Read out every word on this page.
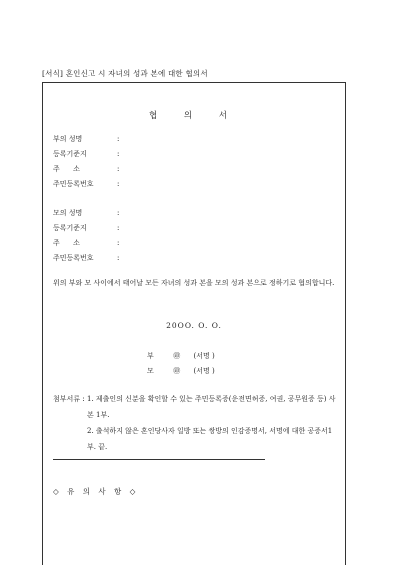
[서식] 혼인신고 시 자녀의 성과 본에 대한 협의서
협 의 서
부의 성명	:
등록기준지	:
주      소	:
주민등록번호	:
모의 성명	:
등록기준지	:
주      소	:
주민등록번호	:
위의 부와 모 사이에서 태어날 모든 자녀의 성과 본을 모의 성과 본으로 정하기로 협의합니다.
20OO. O. O.
부	㊞ (서명 )
모	㊞ (서명 )
첨부서류 : 1. 제출인의 신분을 확인할 수 있는 주민등록증(운전면허증, 여권, 공무원증 등) 사본 1부.
2. 출석하지 않은 혼인당사자 일방 또는 쌍방의 인감증명서, 서명에 대한 공증서1부. 끝.
◇ 유 의 사 항 ◇
